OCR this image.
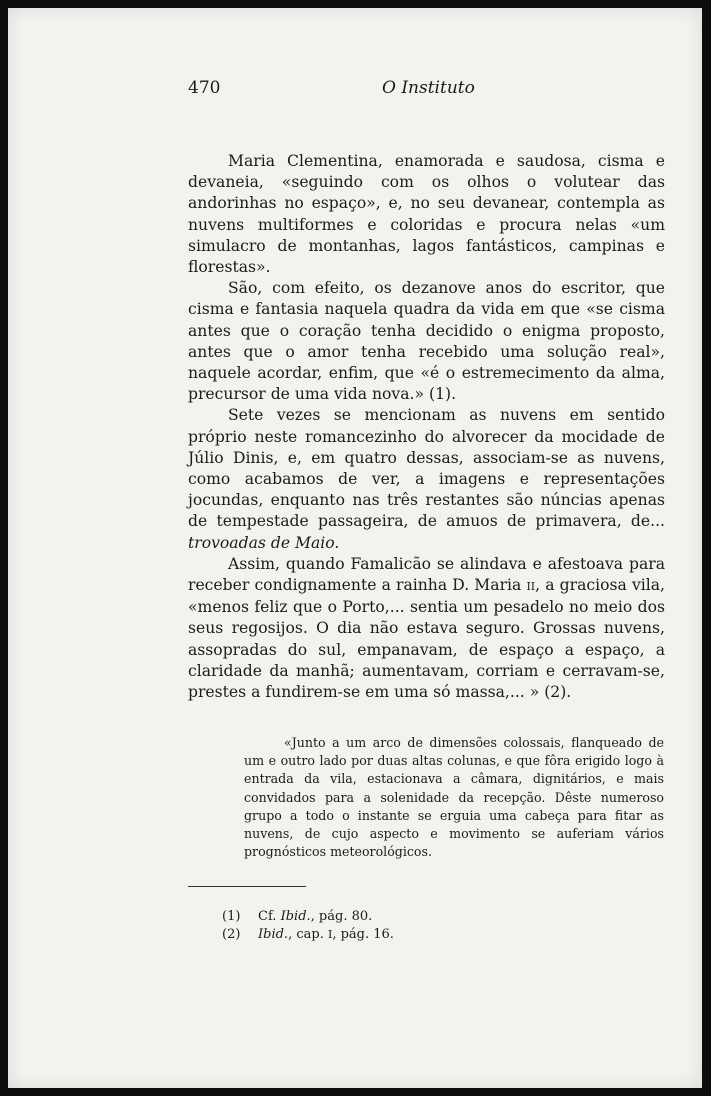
470	O Instituto

Maria Clementina, enamorada e saudosa, cisma e devaneia, «seguindo com os olhos o volutear das andorinhas no espaço», e, no seu devanear, contempla as nuvens multiformes e coloridas e procura nelas «um simulacro de montanhas, lagos fantásticos, campinas e florestas».

São, com efeito, os dezanove anos do escritor, que cisma e fantasia naquela quadra da vida em que «se cisma antes que o coração tenha decidido o enigma proposto, antes que o amor tenha recebido uma solução real», naquele acordar, enfim, que «é o estremecimento da alma, precursor de uma vida nova.» (1).

Sete vezes se mencionam as nuvens em sentido próprio neste romancezinho do alvorecer da mocidade de Júlio Dinis, e, em quatro dessas, associam-se as nuvens, como acabamos de ver, a imagens e representações jocundas, enquanto nas três restantes são núncias apenas de tempestade passageira, de amuos de primavera, de... trovoadas de Maio.

Assim, quando Famalicão se alindava e afestoava para receber condignamente a rainha D. Maria II, a graciosa vila, «menos feliz que o Porto,... sentia um pesadelo no meio dos seus regosijos. O dia não estava seguro. Grossas nuvens, assopradas do sul, empanavam, de espaço a espaço, a claridade da manhã; aumentavam, corriam e cerravam-se, prestes a fundirem-se em uma só massa,... » (2).

«Junto a um arco de dimensões colossais, flanqueado de um e outro lado por duas altas colunas, e que fôra erigido logo à entrada da vila, estacionava a câmara, dignitários, e mais convidados para a solenidade da recepção. Dêste numeroso grupo a todo o instante se erguia uma cabeça para fitar as nuvens, de cujo aspecto e movimento se auferiam vários prognósticos meteorológicos.

(1) Cf. Ibid., pág. 80.

(2) Ibid., cap. I, pág. 16.
